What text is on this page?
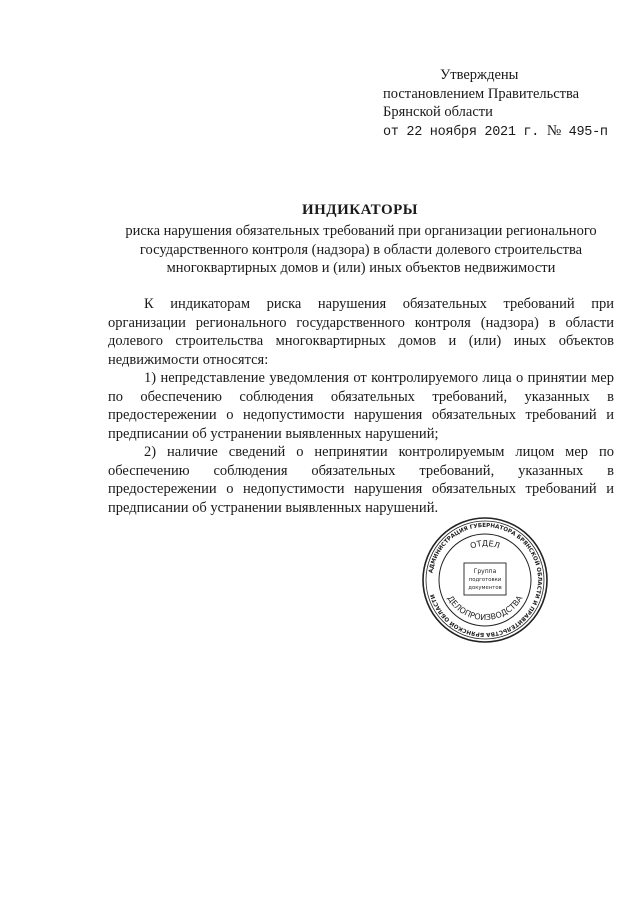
Утверждены
постановлением Правительства
Брянской области
от 22 ноября 2021 г. № 495-п
ИНДИКАТОРЫ
риска нарушения обязательных требований при организации регионального государственного контроля (надзора) в области долевого строительства многоквартирных домов и (или) иных объектов недвижимости

К индикаторам риска нарушения обязательных требований при организации регионального государственного контроля (надзора) в области долевого строительства многоквартирных домов и (или) иных объектов недвижимости относятся:

1) непредставление уведомления от контролируемого лица о принятии мер по обеспечению соблюдения обязательных требований, указанных в предостережении о недопустимости нарушения обязательных требований и предписании об устранении выявленных нарушений;

2) наличие сведений о непринятии контролируемым лицом мер по обеспечению соблюдения обязательных требований, указанных в предостережении о недопустимости нарушения обязательных требований и предписании об устранении выявленных нарушений.

АДМИНИСТРАЦИЯ ГУБЕРНАТОРА БРЯНСКОЙ ОБЛАСТИ И ПРАВИТЕЛЬСТВА БРЯНСКОЙ ОБЛАСТИ
ОТДЕЛ
ДЕЛОПРОИЗВОДСТВА
Группа
подготовки
документов
